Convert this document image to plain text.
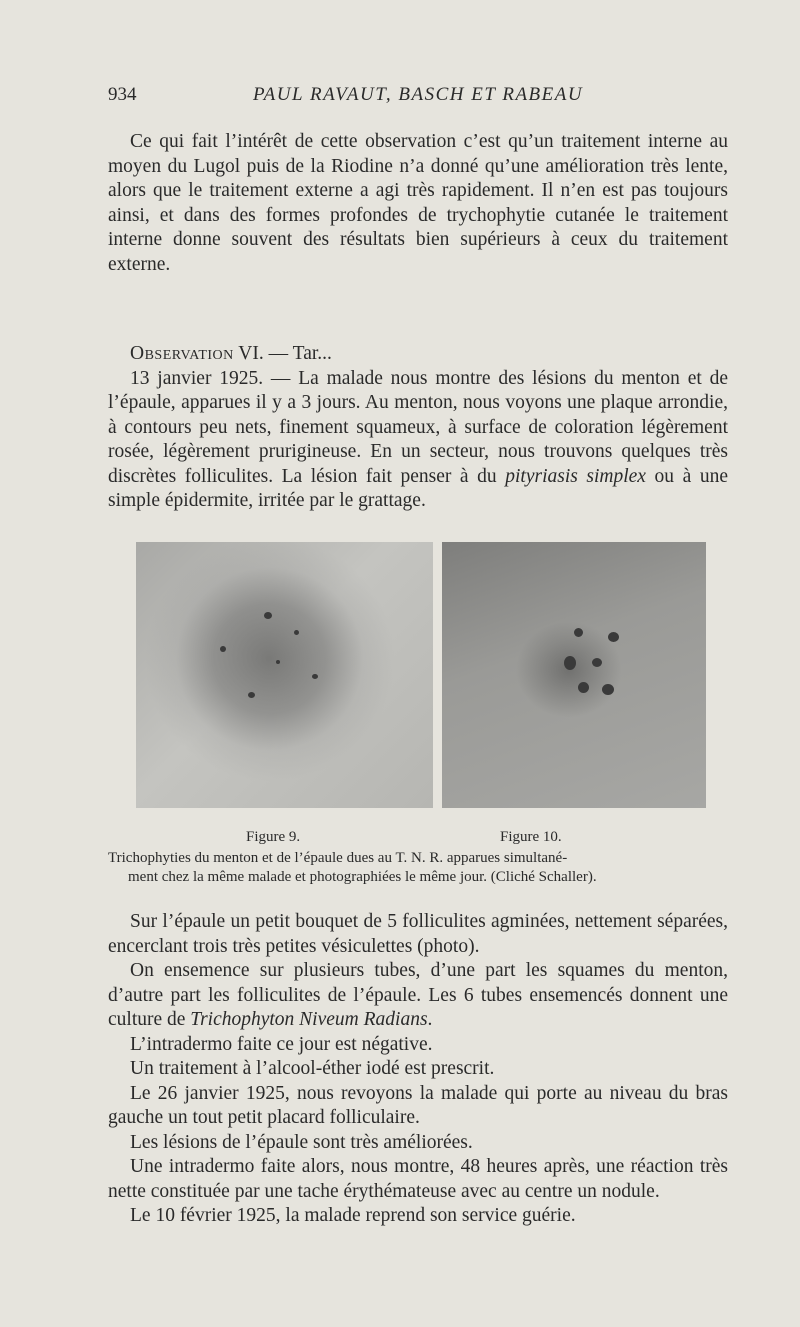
934	PAUL RAVAUT, BASCH ET RABEAU

Ce qui fait l’intérêt de cette observation c’est qu’un traitement interne au moyen du Lugol puis de la Riodine n’a donné qu’une amélioration très lente, alors que le traitement externe a agi très rapidement. Il n’en est pas toujours ainsi, et dans des formes profondes de trychophytie cutanée le traitement interne donne souvent des résultats bien supérieurs à ceux du traitement externe.

Observation VI. — Tar...

13 janvier 1925. — La malade nous montre des lésions du menton et de l’épaule, apparues il y a 3 jours. Au menton, nous voyons une plaque arrondie, à contours peu nets, finement squameux, à surface de coloration légèrement rosée, légèrement prurigineuse. En un secteur, nous trouvons quelques très discrètes folliculites. La lésion fait penser à du pityriasis simplex ou à une simple épidermite, irritée par le grattage.

Figure 9.	Figure 10.
Trichophyties du menton et de l’épaule dues au T. N. R. apparues simultané-
ment chez la même malade et photographiées le même jour. (Cliché Schaller).

Sur l’épaule un petit bouquet de 5 folliculites agminées, nettement séparées, encerclant trois très petites vésiculettes (photo).

On ensemence sur plusieurs tubes, d’une part les squames du menton, d’autre part les folliculites de l’épaule. Les 6 tubes ensemencés donnent une culture de Trichophyton Niveum Radians.

L’intradermo faite ce jour est négative.

Un traitement à l’alcool-éther iodé est prescrit.

Le 26 janvier 1925, nous revoyons la malade qui porte au niveau du bras gauche un tout petit placard folliculaire.

Les lésions de l’épaule sont très améliorées.

Une intradermo faite alors, nous montre, 48 heures après, une réaction très nette constituée par une tache érythémateuse avec au centre un nodule.

Le 10 février 1925, la malade reprend son service guérie.
